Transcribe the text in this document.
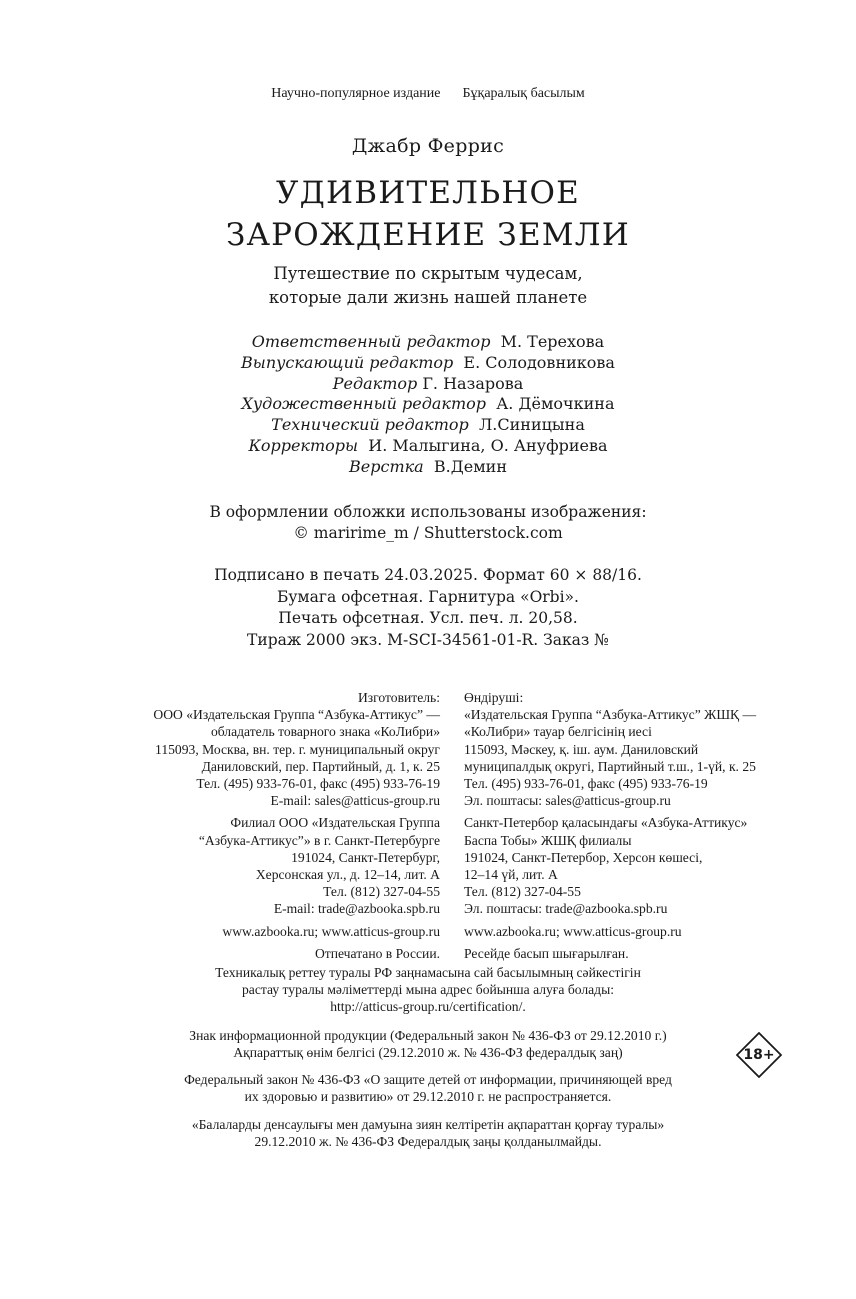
Научно-популярное издание Бұқаралық басылым
Джабр Феррис
УДИВИТЕЛЬНОЕ
ЗАРОЖДЕНИЕ ЗЕМЛИ
Путешествие по скрытым чудесам,
которые дали жизнь нашей планете
Ответственный редактор М. Терехова
Выпускающий редактор Е. Солодовникова
Редактор Г. Назарова
Художественный редактор А. Дёмочкина
Технический редактор Л.Синицына
Корректоры И. Малыгина, О. Ануфриева
Верстка В.Демин
В оформлении обложки использованы изображения:
© maririme_m / Shutterstock.com
Подписано в печать 24.03.2025. Формат 60 × 88/16.
Бумага офсетная. Гарнитура «Orbi».
Печать офсетная. Усл. печ. л. 20,58.
Тираж 2000 экз. M-SCI-34561-01-R. Заказ №
Изготовитель:
ООО «Издательская Группа “Азбука-Аттикус” —
обладатель товарного знака «КоЛибри»
115093, Москва, вн. тер. г. муниципальный округ
Даниловский, пер. Партийный, д. 1, к. 25
Тел. (495) 933-76-01, факс (495) 933-76-19
E-mail: sales@atticus-group.ru
Филиал ООО «Издательская Группа
“Азбука-Аттикус”» в г. Санкт-Петербурге
191024, Санкт-Петербург,
Херсонская ул., д. 12–14, лит. А
Тел. (812) 327-04-55
E-mail: trade@azbooka.spb.ru
www.azbooka.ru; www.atticus-group.ru
Отпечатано в России.
Өндіруші:
«Издательская Группа “Азбука-Аттикус” ЖШҚ —
«КоЛибри» тауар белгісінің иесі
115093, Мәскеу, қ. іш. аум. Даниловский
муниципалдық округі, Партийный т.ш., 1-үй, к. 25
Тел. (495) 933-76-01, факс (495) 933-76-19
Эл. поштасы: sales@atticus-group.ru
Санкт-Петербор қаласындағы «Азбука-Аттикус»
Баспа Тобы» ЖШҚ филиалы
191024, Санкт-Петербор, Херсон көшесі,
12–14 үй, лит. А
Тел. (812) 327-04-55
Эл. поштасы: trade@azbooka.spb.ru
www.azbooka.ru; www.atticus-group.ru
Ресейде басып шығарылған.
Техникалық реттеу туралы РФ заңнамасына сай басылымның сәйкестігін
растау туралы мәліметтерді мына адрес бойынша алуға болады:
http://atticus-group.ru/certification/.
Знак информационной продукции (Федеральный закон № 436-ФЗ от 29.12.2010 г.)
Ақпараттық өнім белгісі (29.12.2010 ж. № 436-ФЗ федералдық заң)	18+
Федеральный закон № 436-ФЗ «О защите детей от информации, причиняющей вред
их здоровью и развитию» от 29.12.2010 г. не распространяется.
«Балаларды денсаулығы мен дамуына зиян келтіретін ақпараттан қорғау туралы»
29.12.2010 ж. № 436-ФЗ Федералдық заңы қолданылмайды.
